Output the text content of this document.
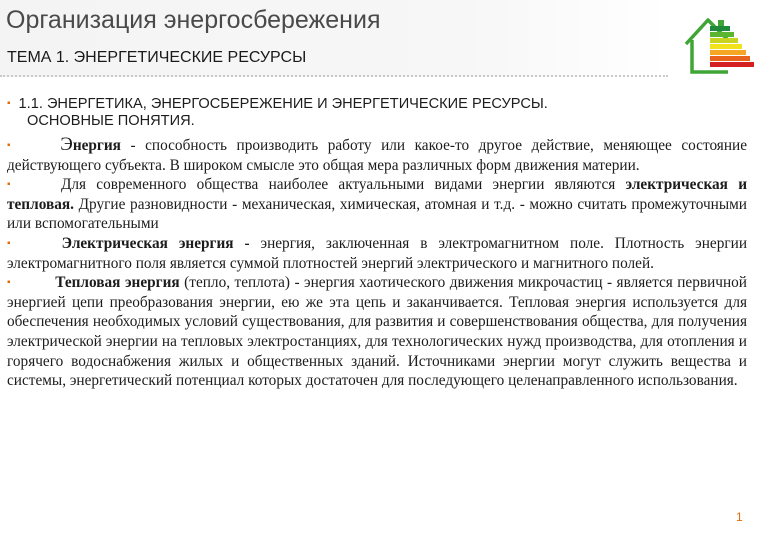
Организация энергосбережения
ТЕМА 1. ЭНЕРГЕТИЧЕСКИЕ РЕСУРСЫ

▪ 1.1. ЭНЕРГЕТИКА, ЭНЕРГОСБЕРЕЖЕНИЕ И ЭНЕРГЕТИЧЕСКИЕ РЕСУРСЫ.
ОСНОВНЫЕ ПОНЯТИЯ.

▪ Энергия - способность производить работу или какое-то другое действие, меняющее состояние действующего субъекта. В широком смысле это общая мера различных форм движения материи.

▪	Для современного общества наиболее актуальными видами энергии являются электрическая и тепловая. Другие разновидности - механическая, химическая, атомная и т.д. - можно считать промежуточными или вспомогательными

▪	Электрическая энергия - энергия, заключенная в электромагнитном поле. Плотность энергии электромагнитного поля является суммой плотностей энергий электрического и магнитного полей.

▪	Тепловая энергия (тепло, теплота) - энергия хаотического движения микрочастиц - является первичной энергией цепи преобразования энергии, ею же эта цепь и заканчивается. Тепловая энергия используется для обеспечения необходимых условий существования, для развития и совершенствования общества, для получения электрической энергии на тепловых электростанциях, для технологических нужд производства, для отопления и горячего водоснабжения жилых и общественных зданий. Источниками энергии могут служить вещества и системы, энергетический потенциал которых достаточен для последующего целенаправленного использования.

1
